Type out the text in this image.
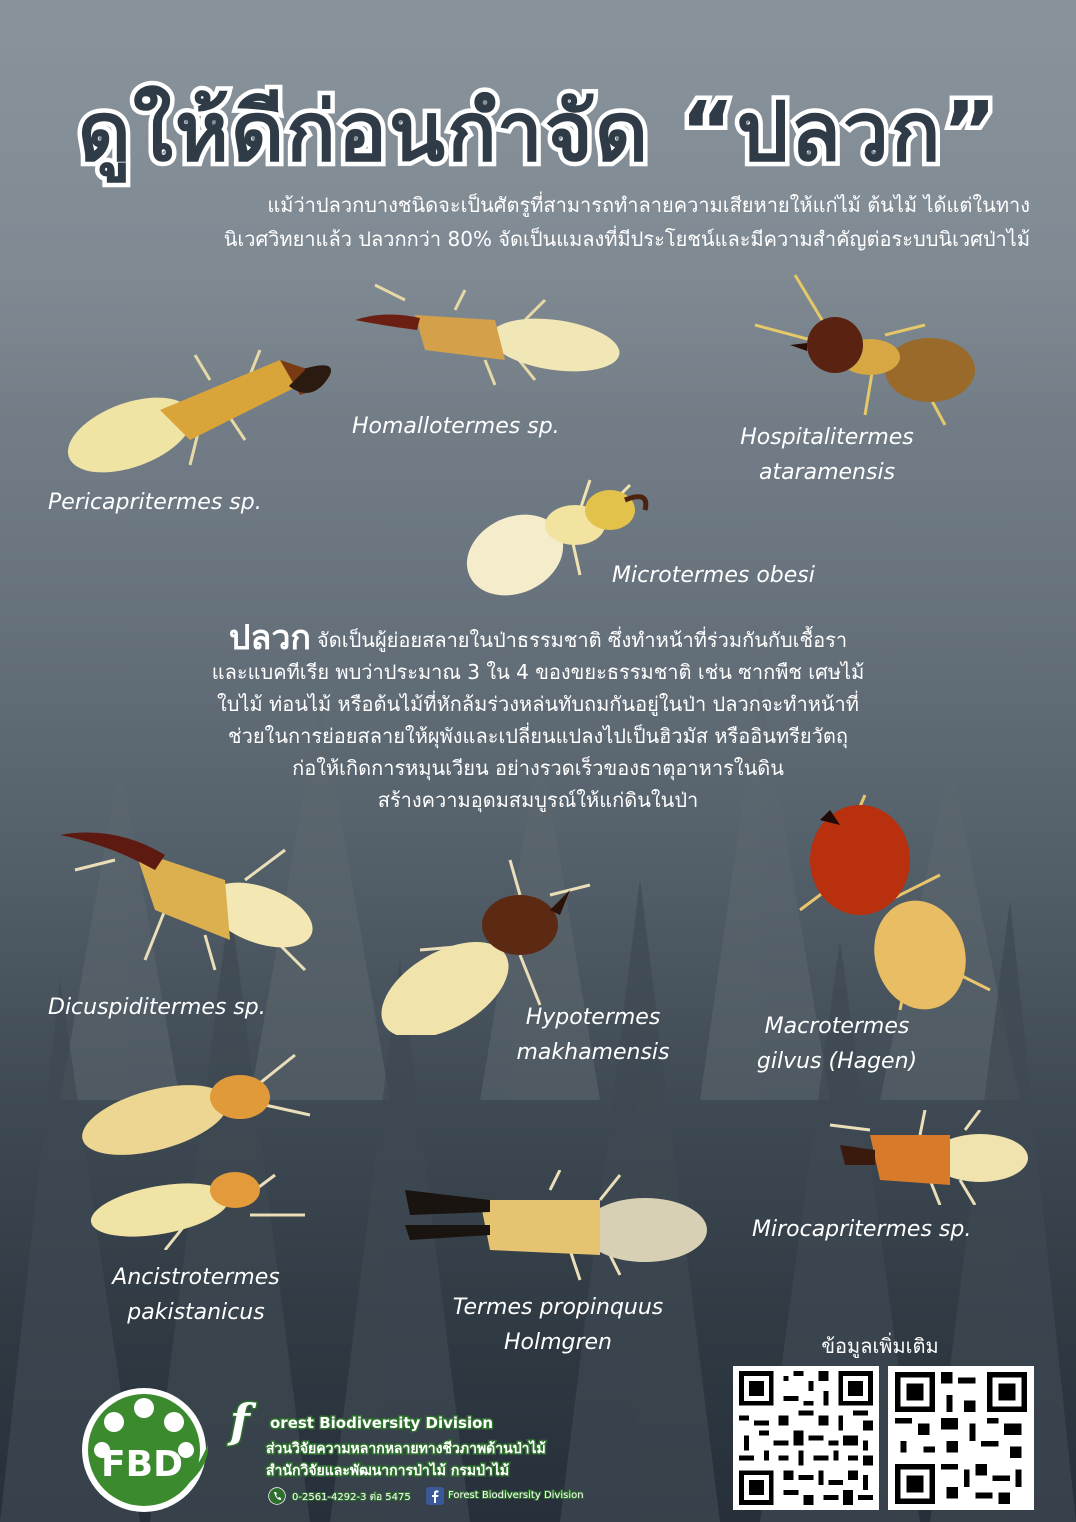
ดูให้ดีก่อนกำจัด “ปลวก”
แม้ว่าปลวกบางชนิดจะเป็นศัตรูที่สามารถทำลายความเสียหายให้แก่ไม้ ต้นไม้ ได้แต่ในทาง
นิเวศวิทยาแล้ว ปลวกกว่า 80% จัดเป็นแมลงที่มีประโยชน์และมีความสำคัญต่อระบบนิเวศป่าไม้
Pericapritermes sp.
Homallotermes sp.	Hospitalitermes
ataramensis
Microtermes obesi
Dicuspiditermes sp.	Hypotermes
makhamensis
Macrotermes
gilvus (Hagen)
Ancistrotermes
pakistanicus	Termes propinquus
Holmgren
Mirocapritermes sp.
ปลวก จัดเป็นผู้ย่อยสลายในป่าธรรมชาติ ซึ่งทำหน้าที่ร่วมกันกับเชื้อรา
และแบคทีเรีย พบว่าประมาณ 3 ใน 4 ของขยะธรรมชาติ เช่น ซากพืช เศษไม้
ใบไม้ ท่อนไม้ หรือต้นไม้ที่หักล้มร่วงหล่นทับถมกันอยู่ในป่า ปลวกจะทำหน้าที่
ช่วยในการย่อยสลายให้ผุพังและเปลี่ยนแปลงไปเป็นฮิวมัส หรืออินทรียวัตถุ
ก่อให้เกิดการหมุนเวียน อย่างรวดเร็วของธาตุอาหารในดิน
สร้างความอุดมสมบูรณ์ให้แก่ดินในป่า
ข้อมูลเพิ่มเติม
FBD
f orest Biodiversity Division
ส่วนวิจัยความหลากหลายทางชีวภาพด้านป่าไม้
สำนักวิจัยและพัฒนาการป่าไม้ กรมป่าไม้
0-2561-4292-3 ต่อ 5475	Forest Biodiversity Division
